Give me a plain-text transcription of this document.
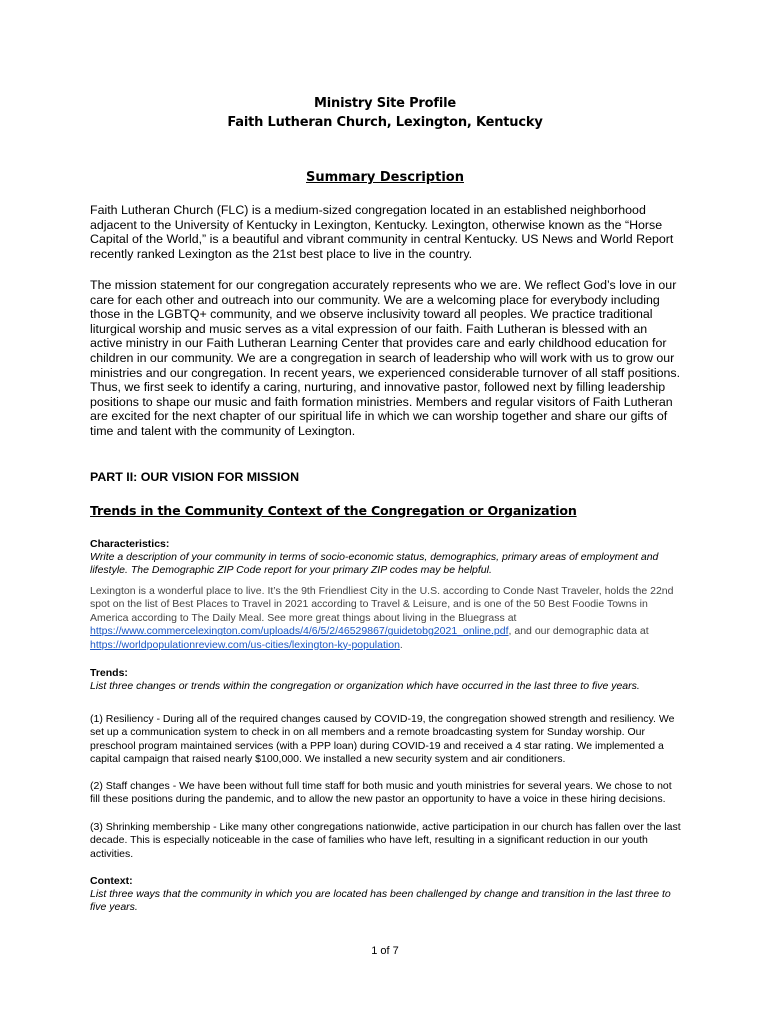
Ministry Site Profile

Faith Lutheran Church, Lexington, Kentucky

Summary Description

Faith Lutheran Church (FLC) is a medium-sized congregation located in an established neighborhood adjacent to the University of Kentucky in Lexington, Kentucky. Lexington, otherwise known as the “Horse Capital of the World,” is a beautiful and vibrant community in central Kentucky. US News and World Report recently ranked Lexington as the 21st best place to live in the country.

The mission statement for our congregation accurately represents who we are. We reflect God’s love in our care for each other and outreach into our community. We are a welcoming place for everybody including those in the LGBTQ+ community, and we observe inclusivity toward all peoples. We practice traditional liturgical worship and music serves as a vital expression of our faith. Faith Lutheran is blessed with an active ministry in our Faith Lutheran Learning Center that provides care and early childhood education for children in our community. We are a congregation in search of leadership who will work with us to grow our ministries and our congregation. In recent years, we experienced considerable turnover of all staff positions. Thus, we first seek to identify a caring, nurturing, and innovative pastor, followed next by filling leadership positions to shape our music and faith formation ministries. Members and regular visitors of Faith Lutheran are excited for the next chapter of our spiritual life in which we can worship together and share our gifts of time and talent with the community of Lexington.

PART II: OUR VISION FOR MISSION

Trends in the Community Context of the Congregation or Organization

Characteristics:

Write a description of your community in terms of socio-economic status, demographics, primary areas of employment and lifestyle. The Demographic ZIP Code report for your primary ZIP codes may be helpful.

Lexington is a wonderful place to live. It’s the 9th Friendliest City in the U.S. according to Conde Nast Traveler, holds the 22nd spot on the list of Best Places to Travel in 2021 according to Travel & Leisure, and is one of the 50 Best Foodie Towns in America according to The Daily Meal. See more great things about living in the Bluegrass at https://www.commercelexington.com/uploads/4/6/5/2/46529867/guidetobg2021_online.pdf, and our demographic data at https://worldpopulationreview.com/us-cities/lexington-ky-population.

Trends:

List three changes or trends within the congregation or organization which have occurred in the last three to five years.

(1) Resiliency - During all of the required changes caused by COVID-19, the congregation showed strength and resiliency. We set up a communication system to check in on all members and a remote broadcasting system for Sunday worship. Our preschool program maintained services (with a PPP loan) during COVID-19 and received a 4 star rating. We implemented a capital campaign that raised nearly $100,000. We installed a new security system and air conditioners.

(2) Staff changes - We have been without full time staff for both music and youth ministries for several years. We chose to not fill these positions during the pandemic, and to allow the new pastor an opportunity to have a voice in these hiring decisions.

(3) Shrinking membership - Like many other congregations nationwide, active participation in our church has fallen over the last decade. This is especially noticeable in the case of families who have left, resulting in a significant reduction in our youth activities.

Context:

List three ways that the community in which you are located has been challenged by change and transition in the last three to five years.

1 of 7
